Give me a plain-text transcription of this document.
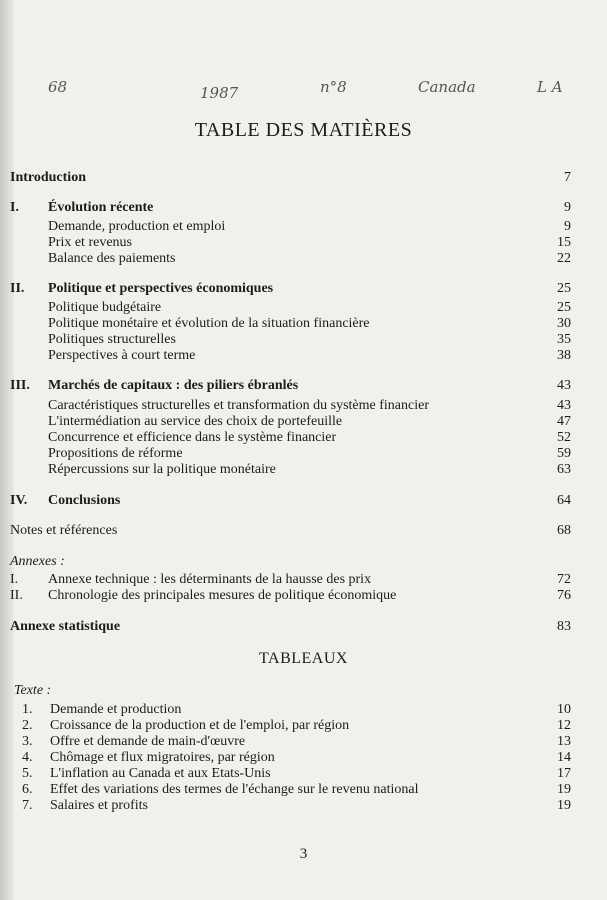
68	1987	n°8	Canada	L A
TABLE DES MATIÈRES
Introduction	7
I. Évolution récente	9
Demande, production et emploi	9
Prix et revenus	15
Balance des paiements	22
II. Politique et perspectives économiques	25
Politique budgétaire	25
Politique monétaire et évolution de la situation financière	30
Politiques structurelles	35
Perspectives à court terme	38
III. Marchés de capitaux : des piliers ébranlés	43
Caractéristiques structurelles et transformation du système financier	43
L'intermédiation au service des choix de portefeuille	47
Concurrence et efficience dans le système financier	52
Propositions de réforme	59
Répercussions sur la politique monétaire	63
IV. Conclusions	64
Notes et références	68
Annexes :
I. Annexe technique : les déterminants de la hausse des prix	72
II. Chronologie des principales mesures de politique économique	76
Annexe statistique	83
TABLEAUX
Texte :
1. Demande et production	10
2. Croissance de la production et de l'emploi, par région	12
3. Offre et demande de main-d'œuvre	13
4. Chômage et flux migratoires, par région	14
5. L'inflation au Canada et aux Etats-Unis	17
6. Effet des variations des termes de l'échange sur le revenu national	19
7. Salaires et profits	19
3
